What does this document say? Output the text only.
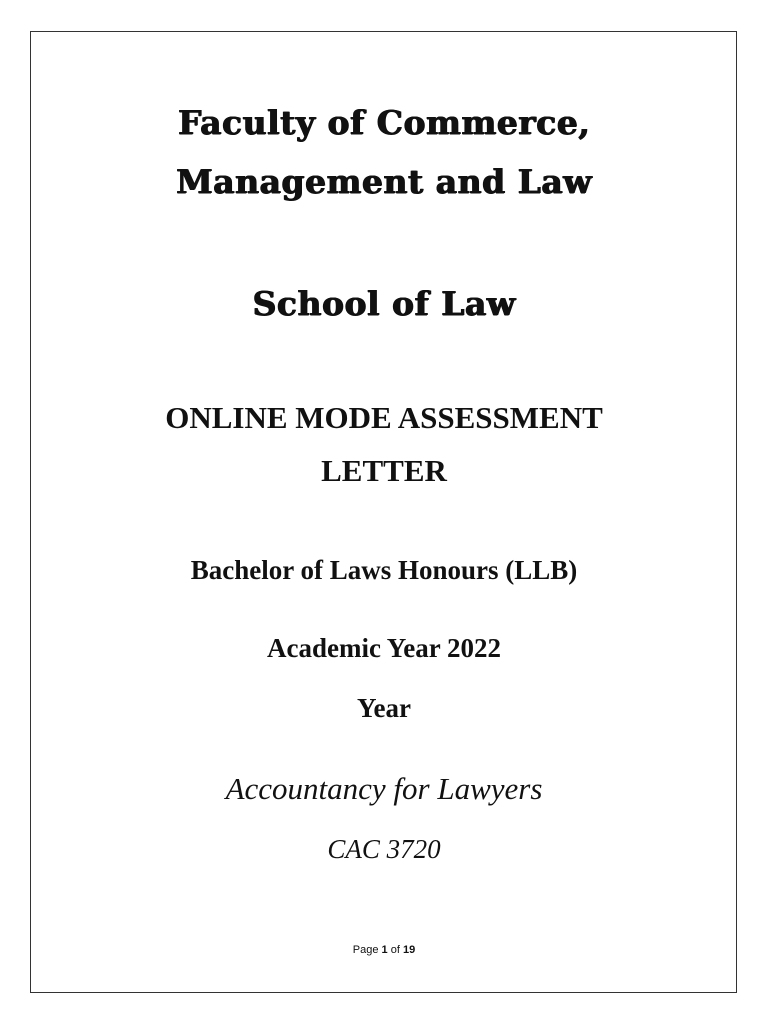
Faculty of Commerce,
Management and Law
School of Law
ONLINE MODE ASSESSMENT
LETTER
Bachelor of Laws Honours (LLB)
Academic Year 2022
Year
Accountancy for Lawyers
CAC 3720
Page 1 of 19
